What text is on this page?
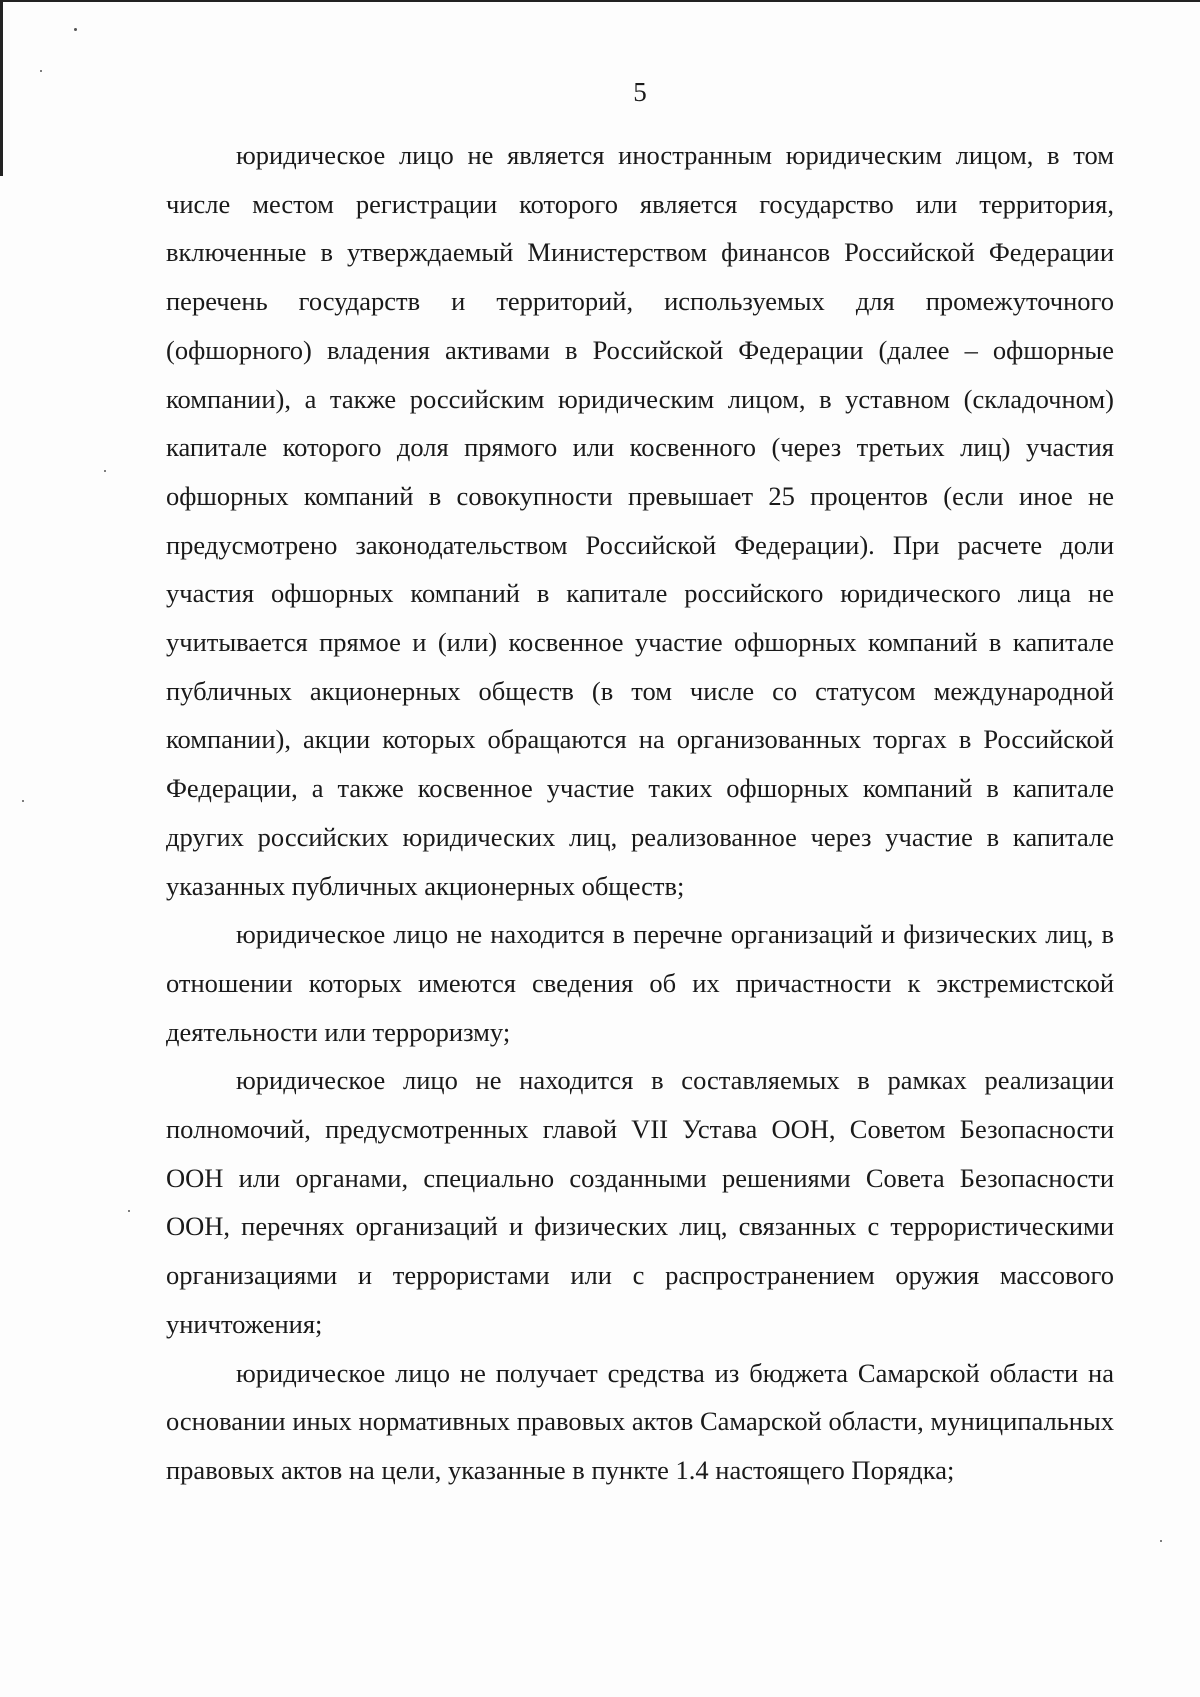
5

юридическое лицо не является иностранным юридическим лицом, в том числе местом регистрации которого является государство или территория, включенные в утверждаемый Министерством финансов Российской Федерации перечень государств и территорий, используемых для промежуточного (офшорного) владения активами в Российской Федерации (далее – офшорные компании), а также российским юридическим лицом, в уставном (складочном) капитале которого доля прямого или косвенного (через третьих лиц) участия офшорных компаний в совокупности превышает 25 процентов (если иное не предусмотрено законодательством Российской Федерации). При расчете доли участия офшорных компаний в капитале российского юридического лица не учитывается прямое и (или) косвенное участие офшорных компаний в капитале публичных акционерных обществ (в том числе со статусом международной компании), акции которых обращаются на организованных торгах в Российской Федерации, а также косвенное участие таких офшорных компаний в капитале других российских юридических лиц, реализованное через участие в капитале указанных публичных акционерных обществ;

юридическое лицо не находится в перечне организаций и физических лиц, в отношении которых имеются сведения об их причастности к экстремистской деятельности или терроризму;

юридическое лицо не находится в составляемых в рамках реализации полномочий, предусмотренных главой VII Устава ООН, Советом Безопасности ООН или органами, специально созданными решениями Совета Безопасности ООН, перечнях организаций и физических лиц, связанных с террористическими организациями и террористами или с распространением оружия массового уничтожения;

юридическое лицо не получает средства из бюджета Самарской области на основании иных нормативных правовых актов Самарской области, муниципальных правовых актов на цели, указанные в пункте 1.4 настоящего Порядка;
